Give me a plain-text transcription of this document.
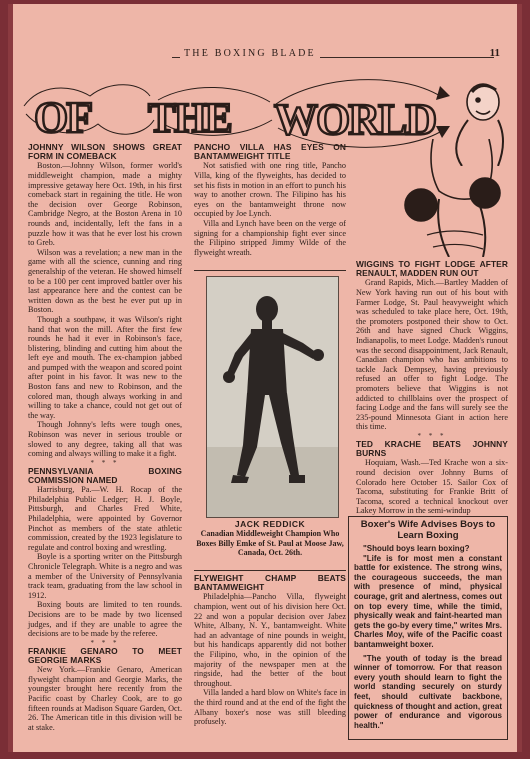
THE BOXING BLADE	11
OF THE WORLD
JOHNNY WILSON SHOWS GREAT FORM IN COMEBACK

Boston.—Johnny Wilson, former world's middleweight champion, made a mighty impressive getaway here Oct. 19th, in his first comeback start in regaining the title. He won the decision over George Robinson, Cambridge Negro, at the Boston Arena in 10 rounds and, incidentally, left the fans in a puzzle how it was that he ever lost his crown to Greb.

Wilson was a revelation; a new man in the game with all the science, cunning and ring generalship of the veteran. He showed himself to be a 100 per cent improved battler over his last appearance here and the contest can be written down as the best he ever put up in Boston.

Though a southpaw, it was Wilson's right hand that won the mill. After the first few rounds he had it ever in Robinson's face, blistering, blinding and cutting him about the left eye and mouth. The ex-champion jabbed and pumped with the weapon and scored point after point in his favor. It was new to the Boston fans and new to Robinson, and the colored man, though always working in and willing to take a chance, could not get out of the way.

Though Johnny's lefts were tough ones, Robinson was never in serious trouble or slowed to any degree, taking all that was coming and always willing to make it a fight.

* * *
PENNSYLVANIA BOXING COMMISSION NAMED

Harrisburg, Pa.—W. H. Rocap of the Philadelphia Public Ledger; H. J. Boyle, Pittsburgh, and Charles Fred White, Philadelphia, were appointed by Governor Pinchot as members of the state athletic commission, created by the 1923 legislature to regulate and control boxing and wrestling.

Boyle is a sporting writer on the Pittsburgh Chronicle Telegraph. White is a negro and was a member of the University of Pennsylvania track team, graduating from the law school in 1912.

Boxing bouts are limited to ten rounds. Decisions are to be made by two licensed judges, and if they are unable to agree the decisions are to be made by the referee.

* * *
FRANKIE GENARO TO MEET GEORGIE MARKS

New York.—Frankie Genaro, American flyweight champion and Georgie Marks, the youngster brought here recently from the Pacific coast by Charley Cook, are to go fifteen rounds at Madison Square Garden, Oct. 26. The American title in this division will be at stake.

PANCHO VILLA HAS EYES ON BANTAMWEIGHT TITLE

Not satisfied with one ring title, Pancho Villa, king of the flyweights, has decided to set his fists in motion in an effort to punch his way to another crown. The Filipino has his eyes on the bantamweight throne now occupied by Joe Lynch.

Villa and Lynch have been on the verge of signing for a championship fight ever since the Filipino stripped Jimmy Wilde of the flyweight wreath.

JACK REDDICK
Canadian Middleweight Champion Who Boxes Billy Emke of St. Paul at Moose Jaw, Canada, Oct. 26th.
FLYWEIGHT CHAMP BEATS BANTAMWEIGHT

Philadelphia—Pancho Villa, flyweight champion, went out of his division here Oct. 22 and won a popular decision over Jabez White, Albany, N. Y., bantamweight. White had an advantage of nine pounds in weight, but his handicaps apparently did not bother the Filipino, who, in the opinion of the majority of the newspaper men at the ringside, had the better of the bout throughout.

Villa landed a hard blow on White's face in the third round and at the end of the fight the Albany boxer's nose was still bleeding profusely.

WIGGINS TO FIGHT LODGE AFTER RENAULT, MADDEN RUN OUT

Grand Rapids, Mich.—Bartley Madden of New York having run out of his bout with Farmer Lodge, St. Paul heavyweight which was scheduled to take place here, Oct. 19th, the promoters postponed their show to Oct. 26th and have signed Chuck Wiggins, Indianapolis, to meet Lodge. Madden's runout was the second disappointment, Jack Renault, Canadian champion who has ambitions to tackle Jack Dempsey, having previously refused an offer to fight Lodge. The promoters believe that Wiggins is not addicted to chillblains over the prospect of facing Lodge and the fans will surely see the 235-pound Minnesota Giant in action here this time.

* * *
TED KRACHE BEATS JOHNNY BURNS

Hoquiam, Wash.—Ted Krache won a six-round decision over Johnny Burns of Colorado here October 15. Sailor Cox of Tacoma, substituting for Frankie Britt of Tacoma, scored a technical knockout over Lakey Morrow in the semi-windup

Boxer's Wife Advises Boys to Learn Boxing

"Should boys learn boxing?

"Life is for most men a constant battle for existence. The strong wins, the courageous succeeds, the man with presence of mind, physical courage, grit and alertness, comes out on top every time, while the timid, physically weak and faint-hearted man gets the go-by every time," writes Mrs. Charles Moy, wife of the Pacific coast bantamweight boxer.

"The youth of today is the bread winner of tomorrow. For that reason every youth should learn to fight the world standing securely on sturdy feet, should cultivate backbone, quickness of thought and action, great power of endurance and vigorous health."
